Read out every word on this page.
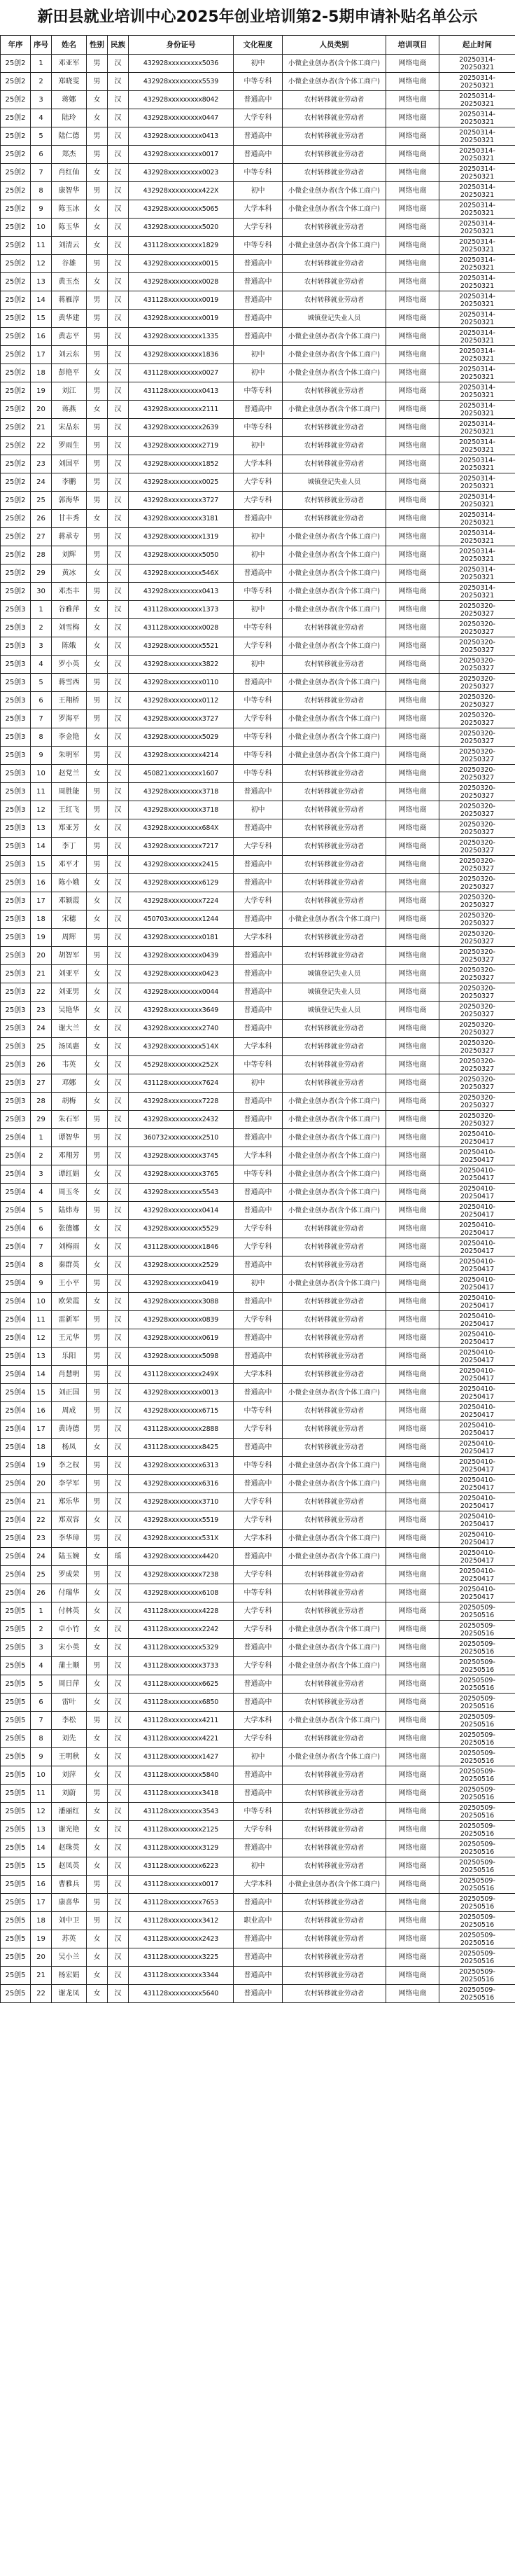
新田县就业培训中心2025年创业培训第2-5期申请补贴名单公示
年序	序号	姓名	性别	民族	身份证号	文化程度	人员类别	培训项目	起止时间
25创2	1	邓亚军	男	汉	432928xxxxxxxxx5036	初中	小微企业创办者(含个体工商户)	网络电商	20250314-
20250321
25创2	2	郑晓雯	男	汉	432928xxxxxxxxx5539	中等专科	小微企业创办者(含个体工商户)	网络电商	20250314-
20250321
25创2	3	蒋娜	女	汉	432928xxxxxxxxx8042	普通高中	农村转移就业劳动者	网络电商	20250314-
20250321
25创2	4	陆玲	女	汉	432928xxxxxxxxx0447	大学专科	农村转移就业劳动者	网络电商	20250314-
20250321
25创2	5	陆仁德	男	汉	432928xxxxxxxxx0413	普通高中	农村转移就业劳动者	网络电商	20250314-
20250321
25创2	6	郑杰	男	汉	432928xxxxxxxxx0017	普通高中	农村转移就业劳动者	网络电商	20250314-
20250321
25创2	7	肖红仙	女	汉	432928xxxxxxxxx0023	中等专科	农村转移就业劳动者	网络电商	20250314-
20250321
25创2	8	康智华	男	汉	432928xxxxxxxxx422X	初中	小微企业创办者(含个体工商户)	网络电商	20250314-
20250321
25创2	9	陈玉冰	女	汉	432928xxxxxxxxx5065	大学本科	小微企业创办者(含个体工商户)	网络电商	20250314-
20250321
25创2	10	陈玉华	女	汉	432928xxxxxxxxx5020	大学专科	农村转移就业劳动者	网络电商	20250314-
20250321
25创2	11	刘清云	女	汉	431128xxxxxxxxx1829	中等专科	小微企业创办者(含个体工商户)	网络电商	20250314-
20250321
25创2	12	谷雄	男	汉	432928xxxxxxxxx0015	普通高中	农村转移就业劳动者	网络电商	20250314-
20250321
25创2	13	黄玉杰	女	汉	432928xxxxxxxxx0028	普通高中	农村转移就业劳动者	网络电商	20250314-
20250321
25创2	14	蒋雁淳	男	汉	431128xxxxxxxxx0019	普通高中	农村转移就业劳动者	网络电商	20250314-
20250321
25创2	15	黄华建	男	汉	432928xxxxxxxxx0019	普通高中	城镇登记失业人员	网络电商	20250314-
20250321
25创2	16	黄志平	男	汉	432928xxxxxxxxx1335	普通高中	小微企业创办者(含个体工商户)	网络电商	20250314-
20250321
25创2	17	刘云东	男	汉	432928xxxxxxxxx1836	初中	小微企业创办者(含个体工商户)	网络电商	20250314-
20250321
25创2	18	彭艳平	女	汉	431128xxxxxxxxx0027	初中	小微企业创办者(含个体工商户)	网络电商	20250314-
20250321
25创2	19	刘江	男	汉	431128xxxxxxxxx0413	中等专科	农村转移就业劳动者	网络电商	20250314-
20250321
25创2	20	蒋燕	女	汉	432928xxxxxxxxx2111	普通高中	小微企业创办者(含个体工商户)	网络电商	20250314-
20250321
25创2	21	宋品东	男	汉	432928xxxxxxxxx2639	中等专科	农村转移就业劳动者	网络电商	20250314-
20250321
25创2	22	罗雨生	男	汉	432928xxxxxxxxx2719	初中	农村转移就业劳动者	网络电商	20250314-
20250321
25创2	23	刘国平	男	汉	432928xxxxxxxxx1852	大学本科	农村转移就业劳动者	网络电商	20250314-
20250321
25创2	24	李鹏	男	汉	432928xxxxxxxxx0025	大学专科	城镇登记失业人员	网络电商	20250314-
20250321
25创2	25	郭海华	男	汉	432928xxxxxxxxx3727	大学专科	农村转移就业劳动者	网络电商	20250314-
20250321
25创2	26	甘丰秀	女	汉	432928xxxxxxxxx3181	普通高中	农村转移就业劳动者	网络电商	20250314-
20250321
25创2	27	蒋承专	男	汉	432928xxxxxxxxx1319	初中	小微企业创办者(含个体工商户)	网络电商	20250314-
20250321
25创2	28	刘辉	男	汉	432928xxxxxxxxx5050	初中	小微企业创办者(含个体工商户)	网络电商	20250314-
20250321
25创2	29	黄冰	女	汉	432928xxxxxxxxx546X	普通高中	小微企业创办者(含个体工商户)	网络电商	20250314-
20250321
25创2	30	邓杰丰	男	汉	432928xxxxxxxxx0413	中等专科	小微企业创办者(含个体工商户)	网络电商	20250314-
20250321
25创3	1	谷雅萍	女	汉	431128xxxxxxxxx1373	初中	小微企业创办者(含个体工商户)	网络电商	20250320-
20250327
25创3	2	刘雪梅	女	汉	431128xxxxxxxxx0028	中等专科	农村转移就业劳动者	网络电商	20250320-
20250327
25创3	3	陈娥	女	汉	432928xxxxxxxxx5521	大学专科	小微企业创办者(含个体工商户)	网络电商	20250320-
20250327
25创3	4	罗小英	女	汉	432928xxxxxxxxx3822	初中	农村转移就业劳动者	网络电商	20250320-
20250327
25创3	5	蒋雪西	男	汉	432928xxxxxxxxx0110	普通高中	小微企业创办者(含个体工商户)	网络电商	20250320-
20250327
25创3	6	王翔桥	男	汉	432928xxxxxxxxx0112	中等专科	农村转移就业劳动者	网络电商	20250320-
20250327
25创3	7	罗海平	男	汉	432928xxxxxxxxx3727	大学专科	小微企业创办者(含个体工商户)	网络电商	20250320-
20250327
25创3	8	李金艳	女	汉	432928xxxxxxxxx5029	中等专科	小微企业创办者(含个体工商户)	网络电商	20250320-
20250327
25创3	9	朱明军	男	汉	432928xxxxxxxxx4214	中等专科	小微企业创办者(含个体工商户)	网络电商	20250320-
20250327
25创3	10	赵党兰	女	汉	450821xxxxxxxxx1607	中等专科	农村转移就业劳动者	网络电商	20250320-
20250327
25创3	11	周胜能	男	汉	432928xxxxxxxxx3718	普通高中	农村转移就业劳动者	网络电商	20250320-
20250327
25创3	12	王红飞	男	汉	432928xxxxxxxxx3718	初中	农村转移就业劳动者	网络电商	20250320-
20250327
25创3	13	郑亚芳	女	汉	432928xxxxxxxxx684X	普通高中	农村转移就业劳动者	网络电商	20250320-
20250327
25创3	14	李丁	男	汉	432928xxxxxxxxx7217	大学专科	农村转移就业劳动者	网络电商	20250320-
20250327
25创3	15	邓平才	男	汉	432928xxxxxxxxx2415	普通高中	农村转移就业劳动者	网络电商	20250320-
20250327
25创3	16	陈小娥	女	汉	432928xxxxxxxxx6129	普通高中	农村转移就业劳动者	网络电商	20250320-
20250327
25创3	17	邓颖霞	女	汉	432928xxxxxxxxx7224	大学专科	农村转移就业劳动者	网络电商	20250320-
20250327
25创3	18	宋穗	女	汉	450703xxxxxxxxx1244	普通高中	小微企业创办者(含个体工商户)	网络电商	20250320-
20250327
25创3	19	周辉	男	汉	432928xxxxxxxxx0181	大学本科	农村转移就业劳动者	网络电商	20250320-
20250327
25创3	20	胡智军	男	汉	432928xxxxxxxxx0439	普通高中	农村转移就业劳动者	网络电商	20250320-
20250327
25创3	21	刘亚平	女	汉	432928xxxxxxxxx0423	普通高中	城镇登记失业人员	网络电商	20250320-
20250327
25创3	22	刘亚男	女	汉	432928xxxxxxxxx0044	普通高中	城镇登记失业人员	网络电商	20250320-
20250327
25创3	23	吴艳华	女	汉	432928xxxxxxxxx3649	普通高中	城镇登记失业人员	网络电商	20250320-
20250327
25创3	24	谢大兰	女	汉	432928xxxxxxxxx2740	普通高中	农村转移就业劳动者	网络电商	20250320-
20250327
25创3	25	汤凤惠	女	汉	432928xxxxxxxxx514X	大学本科	农村转移就业劳动者	网络电商	20250320-
20250327
25创3	26	韦英	女	汉	452928xxxxxxxxx252X	中等专科	农村转移就业劳动者	网络电商	20250320-
20250327
25创3	27	邓娜	女	汉	431128xxxxxxxxx7624	初中	农村转移就业劳动者	网络电商	20250320-
20250327
25创3	28	胡梅	女	汉	432928xxxxxxxxx7228	普通高中	小微企业创办者(含个体工商户)	网络电商	20250320-
20250327
25创3	29	朱石军	男	汉	432928xxxxxxxxx2432	普通高中	小微企业创办者(含个体工商户)	网络电商	20250320-
20250327
25创4	1	谭智华	男	汉	360732xxxxxxxxx2510	普通高中	小微企业创办者(含个体工商户)	网络电商	20250410-
20250417
25创4	2	邓翔芳	男	汉	432928xxxxxxxxx3745	大学本科	小微企业创办者(含个体工商户)	网络电商	20250410-
20250417
25创4	3	谭红娟	女	汉	432928xxxxxxxxx3765	中等专科	小微企业创办者(含个体工商户)	网络电商	20250410-
20250417
25创4	4	周玉冬	女	汉	432928xxxxxxxxx5543	普通高中	小微企业创办者(含个体工商户)	网络电商	20250410-
20250417
25创4	5	陆炜寿	男	汉	432928xxxxxxxxx0414	普通高中	小微企业创办者(含个体工商户)	网络电商	20250410-
20250417
25创4	6	张德娜	女	汉	432928xxxxxxxxx5529	大学专科	农村转移就业劳动者	网络电商	20250410-
20250417
25创4	7	刘梅雨	女	汉	431128xxxxxxxxx1846	大学专科	农村转移就业劳动者	网络电商	20250410-
20250417
25创4	8	秦群英	女	汉	432928xxxxxxxxx2529	普通高中	农村转移就业劳动者	网络电商	20250410-
20250417
25创4	9	王小平	男	汉	432928xxxxxxxxx0419	初中	小微企业创办者(含个体工商户)	网络电商	20250410-
20250417
25创4	10	欧荣霞	女	汉	432928xxxxxxxxx3088	普通高中	农村转移就业劳动者	网络电商	20250410-
20250417
25创4	11	雷新军	男	汉	432928xxxxxxxxx0839	大学专科	农村转移就业劳动者	网络电商	20250410-
20250417
25创4	12	王元华	男	汉	432928xxxxxxxxx0619	普通高中	农村转移就业劳动者	网络电商	20250410-
20250417
25创4	13	乐阳	男	汉	432928xxxxxxxxx5098	普通高中	农村转移就业劳动者	网络电商	20250410-
20250417
25创4	14	肖慧明	男	汉	431128xxxxxxxxx249X	大学本科	农村转移就业劳动者	网络电商	20250410-
20250417
25创4	15	刘正国	男	汉	432928xxxxxxxxx0013	普通高中	小微企业创办者(含个体工商户)	网络电商	20250410-
20250417
25创4	16	周成	男	汉	432928xxxxxxxxx6715	中等专科	农村转移就业劳动者	网络电商	20250410-
20250417
25创4	17	黄诗德	男	汉	431128xxxxxxxxx2888	大学专科	农村转移就业劳动者	网络电商	20250410-
20250417
25创4	18	杨凤	女	汉	431128xxxxxxxxx8425	普通高中	农村转移就业劳动者	网络电商	20250410-
20250417
25创4	19	李之权	男	汉	432928xxxxxxxxx6313	中等专科	小微企业创办者(含个体工商户)	网络电商	20250410-
20250417
25创4	20	李学军	男	汉	432928xxxxxxxxx6316	普通高中	小微企业创办者(含个体工商户)	网络电商	20250410-
20250417
25创4	21	郑乐华	男	汉	432928xxxxxxxxx3710	大学专科	农村转移就业劳动者	网络电商	20250410-
20250417
25创4	22	郑双容	女	汉	432928xxxxxxxxx5519	大学专科	农村转移就业劳动者	网络电商	20250410-
20250417
25创4	23	李华璋	男	汉	432928xxxxxxxxx531X	大学本科	小微企业创办者(含个体工商户)	网络电商	20250410-
20250417
25创4	24	陆玉婉	女	瑶	432928xxxxxxxxx4420	普通高中	小微企业创办者(含个体工商户)	网络电商	20250410-
20250417
25创4	25	罗成荣	男	汉	432928xxxxxxxxx7238	大学专科	农村转移就业劳动者	网络电商	20250410-
20250417
25创4	26	付瑞华	女	汉	432928xxxxxxxxx6108	中等专科	农村转移就业劳动者	网络电商	20250410-
20250417
25创5	1	付林英	女	汉	431128xxxxxxxxx4228	大学专科	农村转移就业劳动者	网络电商	20250509-
20250516
25创5	2	卓小竹	女	汉	431128xxxxxxxxx2242	大学专科	小微企业创办者(含个体工商户)	网络电商	20250509-
20250516
25创5	3	宋小英	女	汉	431128xxxxxxxxx5329	普通高中	小微企业创办者(含个体工商户)	网络电商	20250509-
20250516
25创5	4	蒲土顺	男	汉	431128xxxxxxxxx3733	大学专科	小微企业创办者(含个体工商户)	网络电商	20250509-
20250516
25创5	5	周日萍	女	汉	431128xxxxxxxxx6625	普通高中	农村转移就业劳动者	网络电商	20250509-
20250516
25创5	6	雷叶	女	汉	431128xxxxxxxxx6850	普通高中	农村转移就业劳动者	网络电商	20250509-
20250516
25创5	7	李松	男	汉	431128xxxxxxxxx4211	大学本科	小微企业创办者(含个体工商户)	网络电商	20250509-
20250516
25创5	8	刘先	女	汉	431128xxxxxxxxx4221	大学专科	农村转移就业劳动者	网络电商	20250509-
20250516
25创5	9	王明秋	女	汉	431128xxxxxxxxx1427	初中	小微企业创办者(含个体工商户)	网络电商	20250509-
20250516
25创5	10	刘萍	女	汉	431128xxxxxxxxx5840	普通高中	农村转移就业劳动者	网络电商	20250509-
20250516
25创5	11	刘蔚	男	汉	431128xxxxxxxxx3418	普通高中	农村转移就业劳动者	网络电商	20250509-
20250516
25创5	12	潘丽红	女	汉	431128xxxxxxxxx3543	中等专科	农村转移就业劳动者	网络电商	20250509-
20250516
25创5	13	谢光艳	女	汉	431128xxxxxxxxx2125	大学专科	农村转移就业劳动者	网络电商	20250509-
20250516
25创5	14	赵珠英	女	汉	431128xxxxxxxxx3129	普通高中	农村转移就业劳动者	网络电商	20250509-
20250516
25创5	15	赵凤英	女	汉	431128xxxxxxxxx6223	初中	农村转移就业劳动者	网络电商	20250509-
20250516
25创5	16	曹雅兵	男	汉	431128xxxxxxxxx0017	大学本科	小微企业创办者(含个体工商户)	网络电商	20250509-
20250516
25创5	17	康喜华	男	汉	431128xxxxxxxxx7653	普通高中	农村转移就业劳动者	网络电商	20250509-
20250516
25创5	18	刘中卫	男	汉	431128xxxxxxxxx3412	职业高中	农村转移就业劳动者	网络电商	20250509-
20250516
25创5	19	苏英	女	汉	431128xxxxxxxxx2423	普通高中	农村转移就业劳动者	网络电商	20250509-
20250516
25创5	20	吴小兰	女	汉	431128xxxxxxxxx3225	普通高中	农村转移就业劳动者	网络电商	20250509-
20250516
25创5	21	杨宏娟	女	汉	431128xxxxxxxxx3344	普通高中	农村转移就业劳动者	网络电商	20250509-
20250516
25创5	22	谢龙凤	女	汉	431128xxxxxxxxx5640	普通高中	农村转移就业劳动者	网络电商	20250509-
20250516
